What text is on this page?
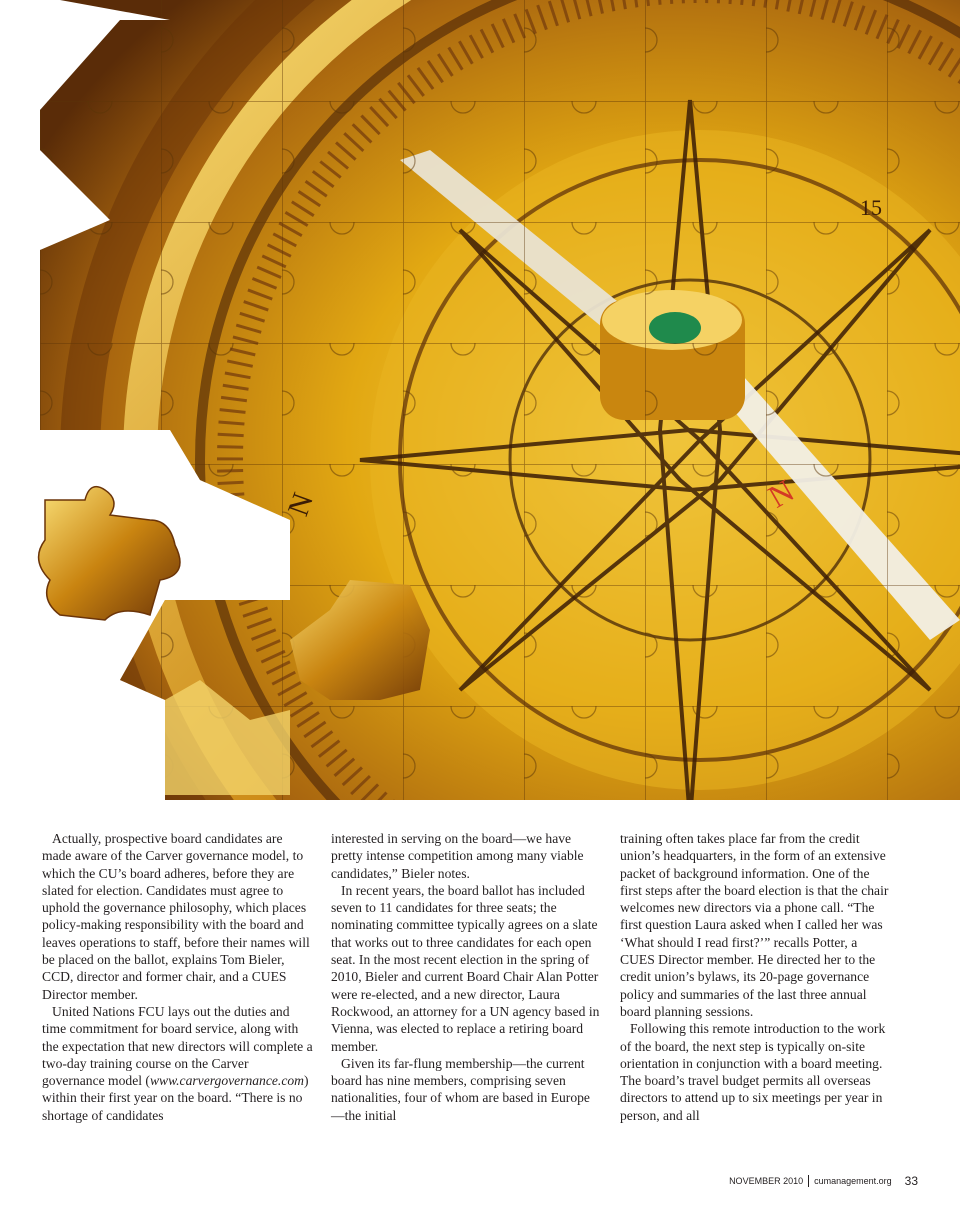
Actually, prospective board candidates are made aware of the Carver governance model, to which the CU’s board adheres, before they are slated for election. Candidates must agree to uphold the governance philosophy, which places policy-making responsibility with the board and leaves operations to staff, before their names will be placed on the ballot, explains Tom Bieler, CCD, director and former chair, and a CUES Director member.

United Nations FCU lays out the duties and time commitment for board service, along with the expectation that new directors will complete a two-day training course on the Carver governance model (www.carvergovernance.com) within their first year on the board. “There is no shortage of candidates

interested in serving on the board—we have pretty intense competition among many viable candidates,” Bieler notes.

In recent years, the board ballot has included seven to 11 candidates for three seats; the nominating committee typically agrees on a slate that works out to three candidates for each open seat. In the most recent election in the spring of 2010, Bieler and current Board Chair Alan Potter were re-elected, and a new director, Laura Rockwood, an attorney for a UN agency based in Vienna, was elected to replace a retiring board member.

Given its far-flung membership—the current board has nine members, comprising seven nationalities, four of whom are based in Europe—the initial

training often takes place far from the credit union’s headquarters, in the form of an extensive packet of background information. One of the first steps after the board election is that the chair welcomes new directors via a phone call. “The first question Laura asked when I called her was ‘What should I read first?’” recalls Potter, a CUES Director member. He directed her to the credit union’s bylaws, its 20-page governance policy and summaries of the last three annual board planning sessions.

Following this remote introduction to the work of the board, the next step is typically on-site orientation in conjunction with a board meeting. The board’s travel budget permits all overseas directors to attend up to six meetings per year in person, and all

NOVEMBER 2010 cumanagement.org 33
